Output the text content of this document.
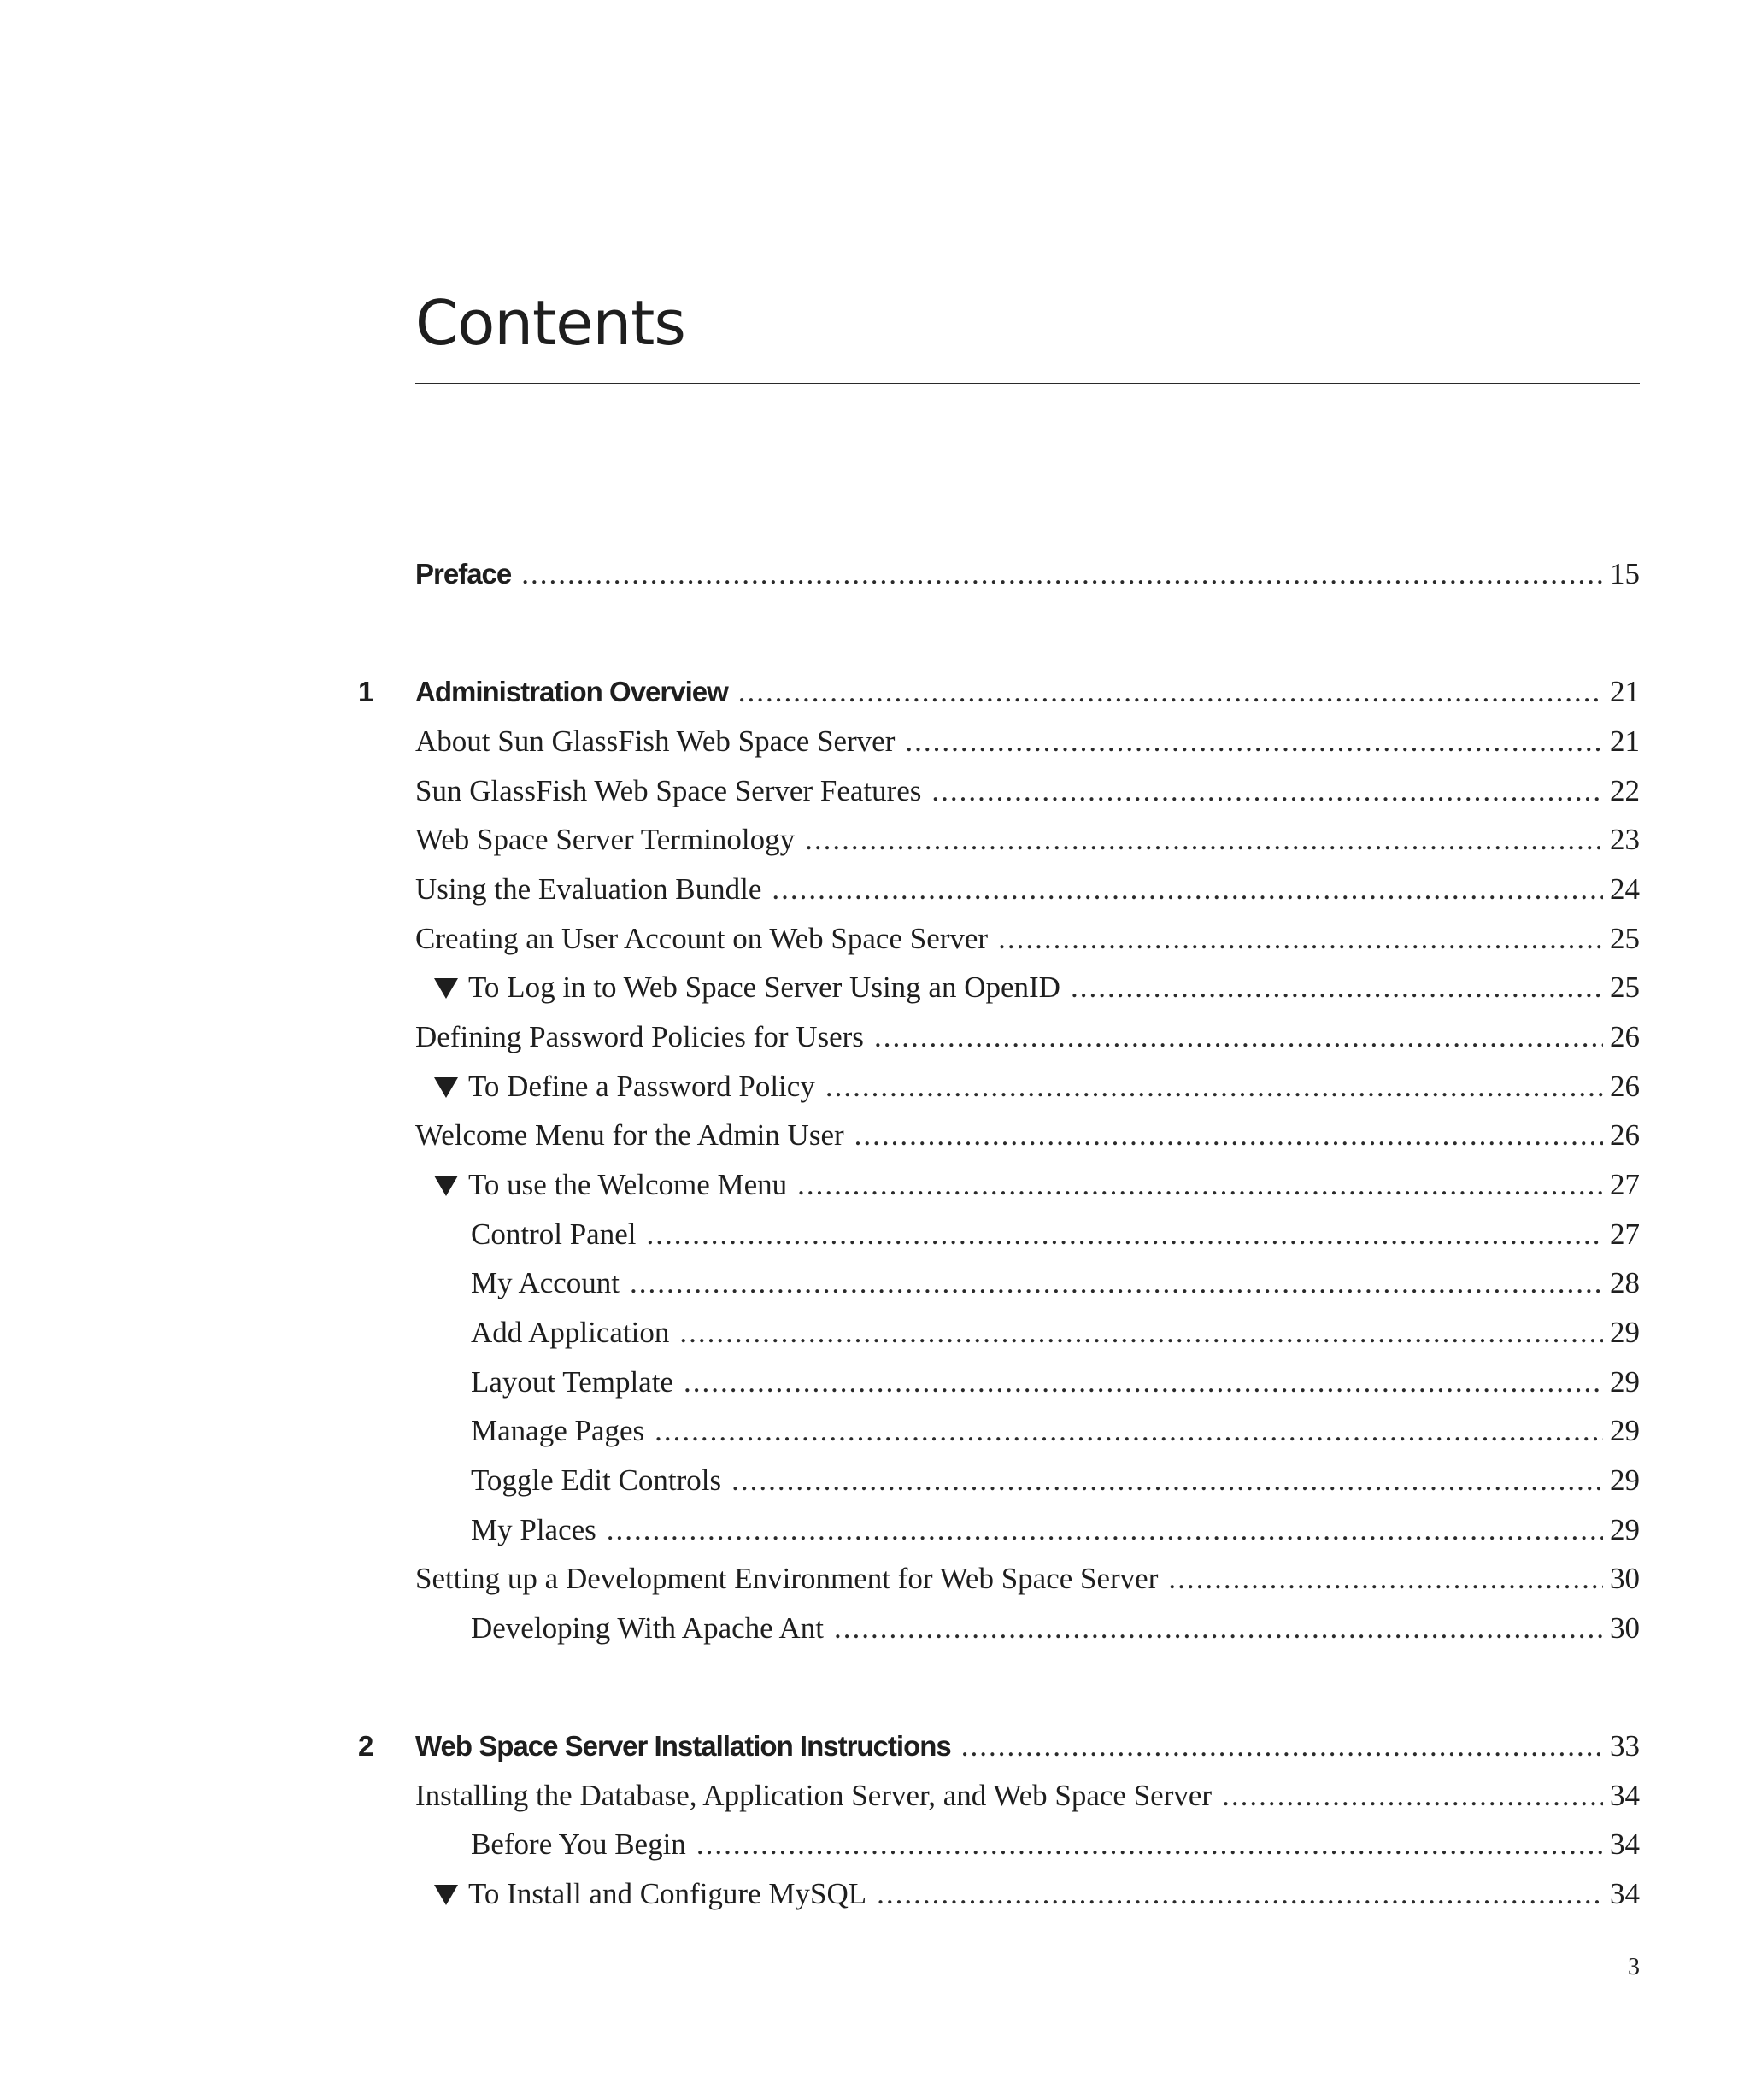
Contents
Preface .....	15
1 Administration Overview .....	21
About Sun GlassFish Web Space Server .....	21
Sun GlassFish Web Space Server Features .....	22
Web Space Server Terminology .....	23
Using the Evaluation Bundle .....	24
Creating an User Account on Web Space Server .....	25
To Log in to Web Space Server Using an OpenID .....	25
Defining Password Policies for Users .....	26
To Define a Password Policy .....	26
Welcome Menu for the Admin User .....	26
To use the Welcome Menu .....	27
Control Panel .....	27
My Account .....	28
Add Application .....	29
Layout Template .....	29
Manage Pages .....	29
Toggle Edit Controls .....	29
My Places .....	29
Setting up a Development Environment for Web Space Server .....	30
Developing With Apache Ant .....	30
2 Web Space Server Installation Instructions .....	33
Installing the Database, Application Server, and Web Space Server .....	34
Before You Begin .....	34
To Install and Configure MySQL .....	34
3
